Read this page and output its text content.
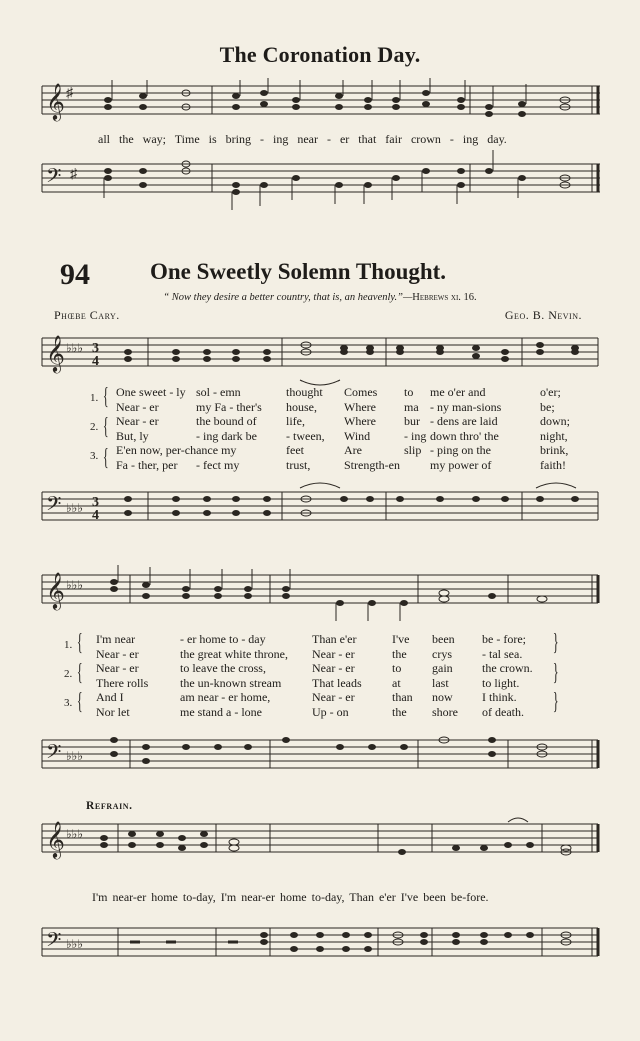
The Coronation Day.
𝄞 ♯
all the way; Time is bring - ing near - er that fair crown - ing day.
𝄢 ♯
94	One Sweetly Solemn Thought.
“ Now they desire a better country, that is, an heavenly.”—Hebrews xi. 16.
Phœbe Cary.	Geo. B. Nevin.
𝄞 ♭♭♭ 3
4
{
{
{
1. One sweet - ly sol - emn	thought Comes to me o'er and	o'er;
Near - er	my Fa - ther's house, Where ma - ny man-sions	be;
2. Near - er	the bound of life,	Where bur - dens are laid	down;
But, ly	- ing dark be - tween, Wind	- ing down thro' the	night,
3. E'en now, per-chance my	feet	Are	slip - ping on the	brink,
Fa - ther, per - fect my	trust,	Strength-en	my power of	faith!
𝄢 ♭♭♭ 3
4
𝄞 ♭♭♭
{
{
{
}
}
}
1. I'm near	- er home to - day	Than e'er	I've been be - fore;
Near - er	the great white throne, Near - er	the crys	- tal sea.
2. Near - er	to leave the cross,	Near - er	to	gain the crown.
There rolls	the un-known stream	That leads	at	last	to light.
3. And I	am near - er home,	Near - er	than now I think.
Nor let	me stand a - lone	Up - on	the shore of death.
𝄢 ♭♭♭
Refrain.
𝄞 ♭♭♭
I'm near-er home to-day, I'm near-er home to-day, Than e'er I've been be-fore.
𝄢 ♭♭♭
